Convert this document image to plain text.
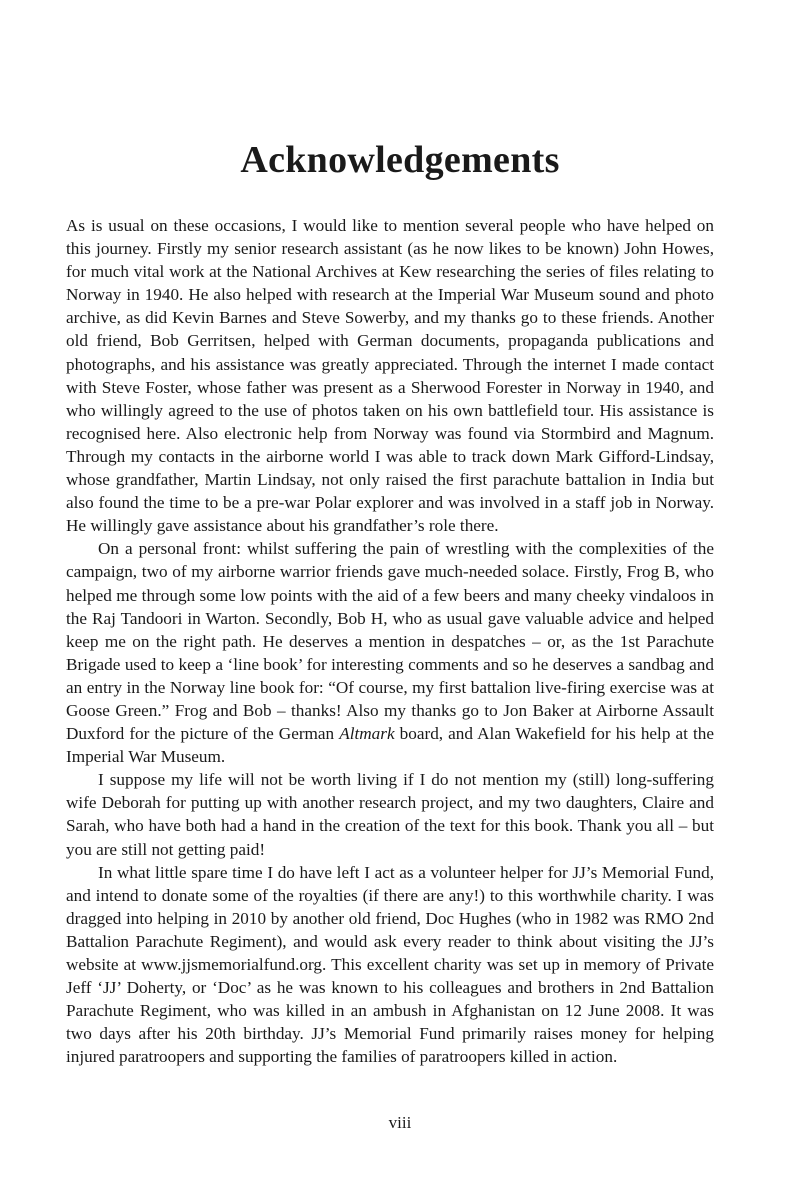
Acknowledgements

As is usual on these occasions, I would like to mention several people who have helped on this journey. Firstly my senior research assistant (as he now likes to be known) John Howes, for much vital work at the National Archives at Kew researching the series of files relating to Norway in 1940. He also helped with research at the Imperial War Museum sound and photo archive, as did Kevin Barnes and Steve Sowerby, and my thanks go to these friends. Another old friend, Bob Gerritsen, helped with German documents, propaganda publications and photographs, and his assistance was greatly appreciated. Through the internet I made contact with Steve Foster, whose father was present as a Sherwood Forester in Norway in 1940, and who willingly agreed to the use of photos taken on his own battlefield tour. His assistance is recognised here. Also electronic help from Norway was found via Stormbird and Magnum. Through my contacts in the airborne world I was able to track down Mark Gifford-Lindsay, whose grandfather, Martin Lindsay, not only raised the first parachute battalion in India but also found the time to be a pre-war Polar explorer and was involved in a staff job in Norway. He willingly gave assistance about his grandfather’s role there.

On a personal front: whilst suffering the pain of wrestling with the complexities of the campaign, two of my airborne warrior friends gave much-needed solace. Firstly, Frog B, who helped me through some low points with the aid of a few beers and many cheeky vindaloos in the Raj Tandoori in Warton. Secondly, Bob H, who as usual gave valuable advice and helped keep me on the right path. He deserves a mention in despatches – or, as the 1st Parachute Brigade used to keep a ‘line book’ for interesting comments and so he deserves a sandbag and an entry in the Norway line book for: “Of course, my first battalion live-firing exercise was at Goose Green.” Frog and Bob – thanks! Also my thanks go to Jon Baker at Airborne Assault Duxford for the picture of the German Altmark board, and Alan Wakefield for his help at the Imperial War Museum.

I suppose my life will not be worth living if I do not mention my (still) long-suffering wife Deborah for putting up with another research project, and my two daughters, Claire and Sarah, who have both had a hand in the creation of the text for this book. Thank you all – but you are still not getting paid!

In what little spare time I do have left I act as a volunteer helper for JJ’s Memorial Fund, and intend to donate some of the royalties (if there are any!) to this worthwhile charity. I was dragged into helping in 2010 by another old friend, Doc Hughes (who in 1982 was RMO 2nd Battalion Parachute Regiment), and would ask every reader to think about visiting the JJ’s website at www.jjsmemorialfund.org. This excellent charity was set up in memory of Private Jeff ‘JJ’ Doherty, or ‘Doc’ as he was known to his colleagues and brothers in 2nd Battalion Parachute Regiment, who was killed in an ambush in Afghanistan on 12 June 2008. It was two days after his 20th birthday. JJ’s Memorial Fund primarily raises money for helping injured paratroopers and supporting the families of paratroopers killed in action.

viii
